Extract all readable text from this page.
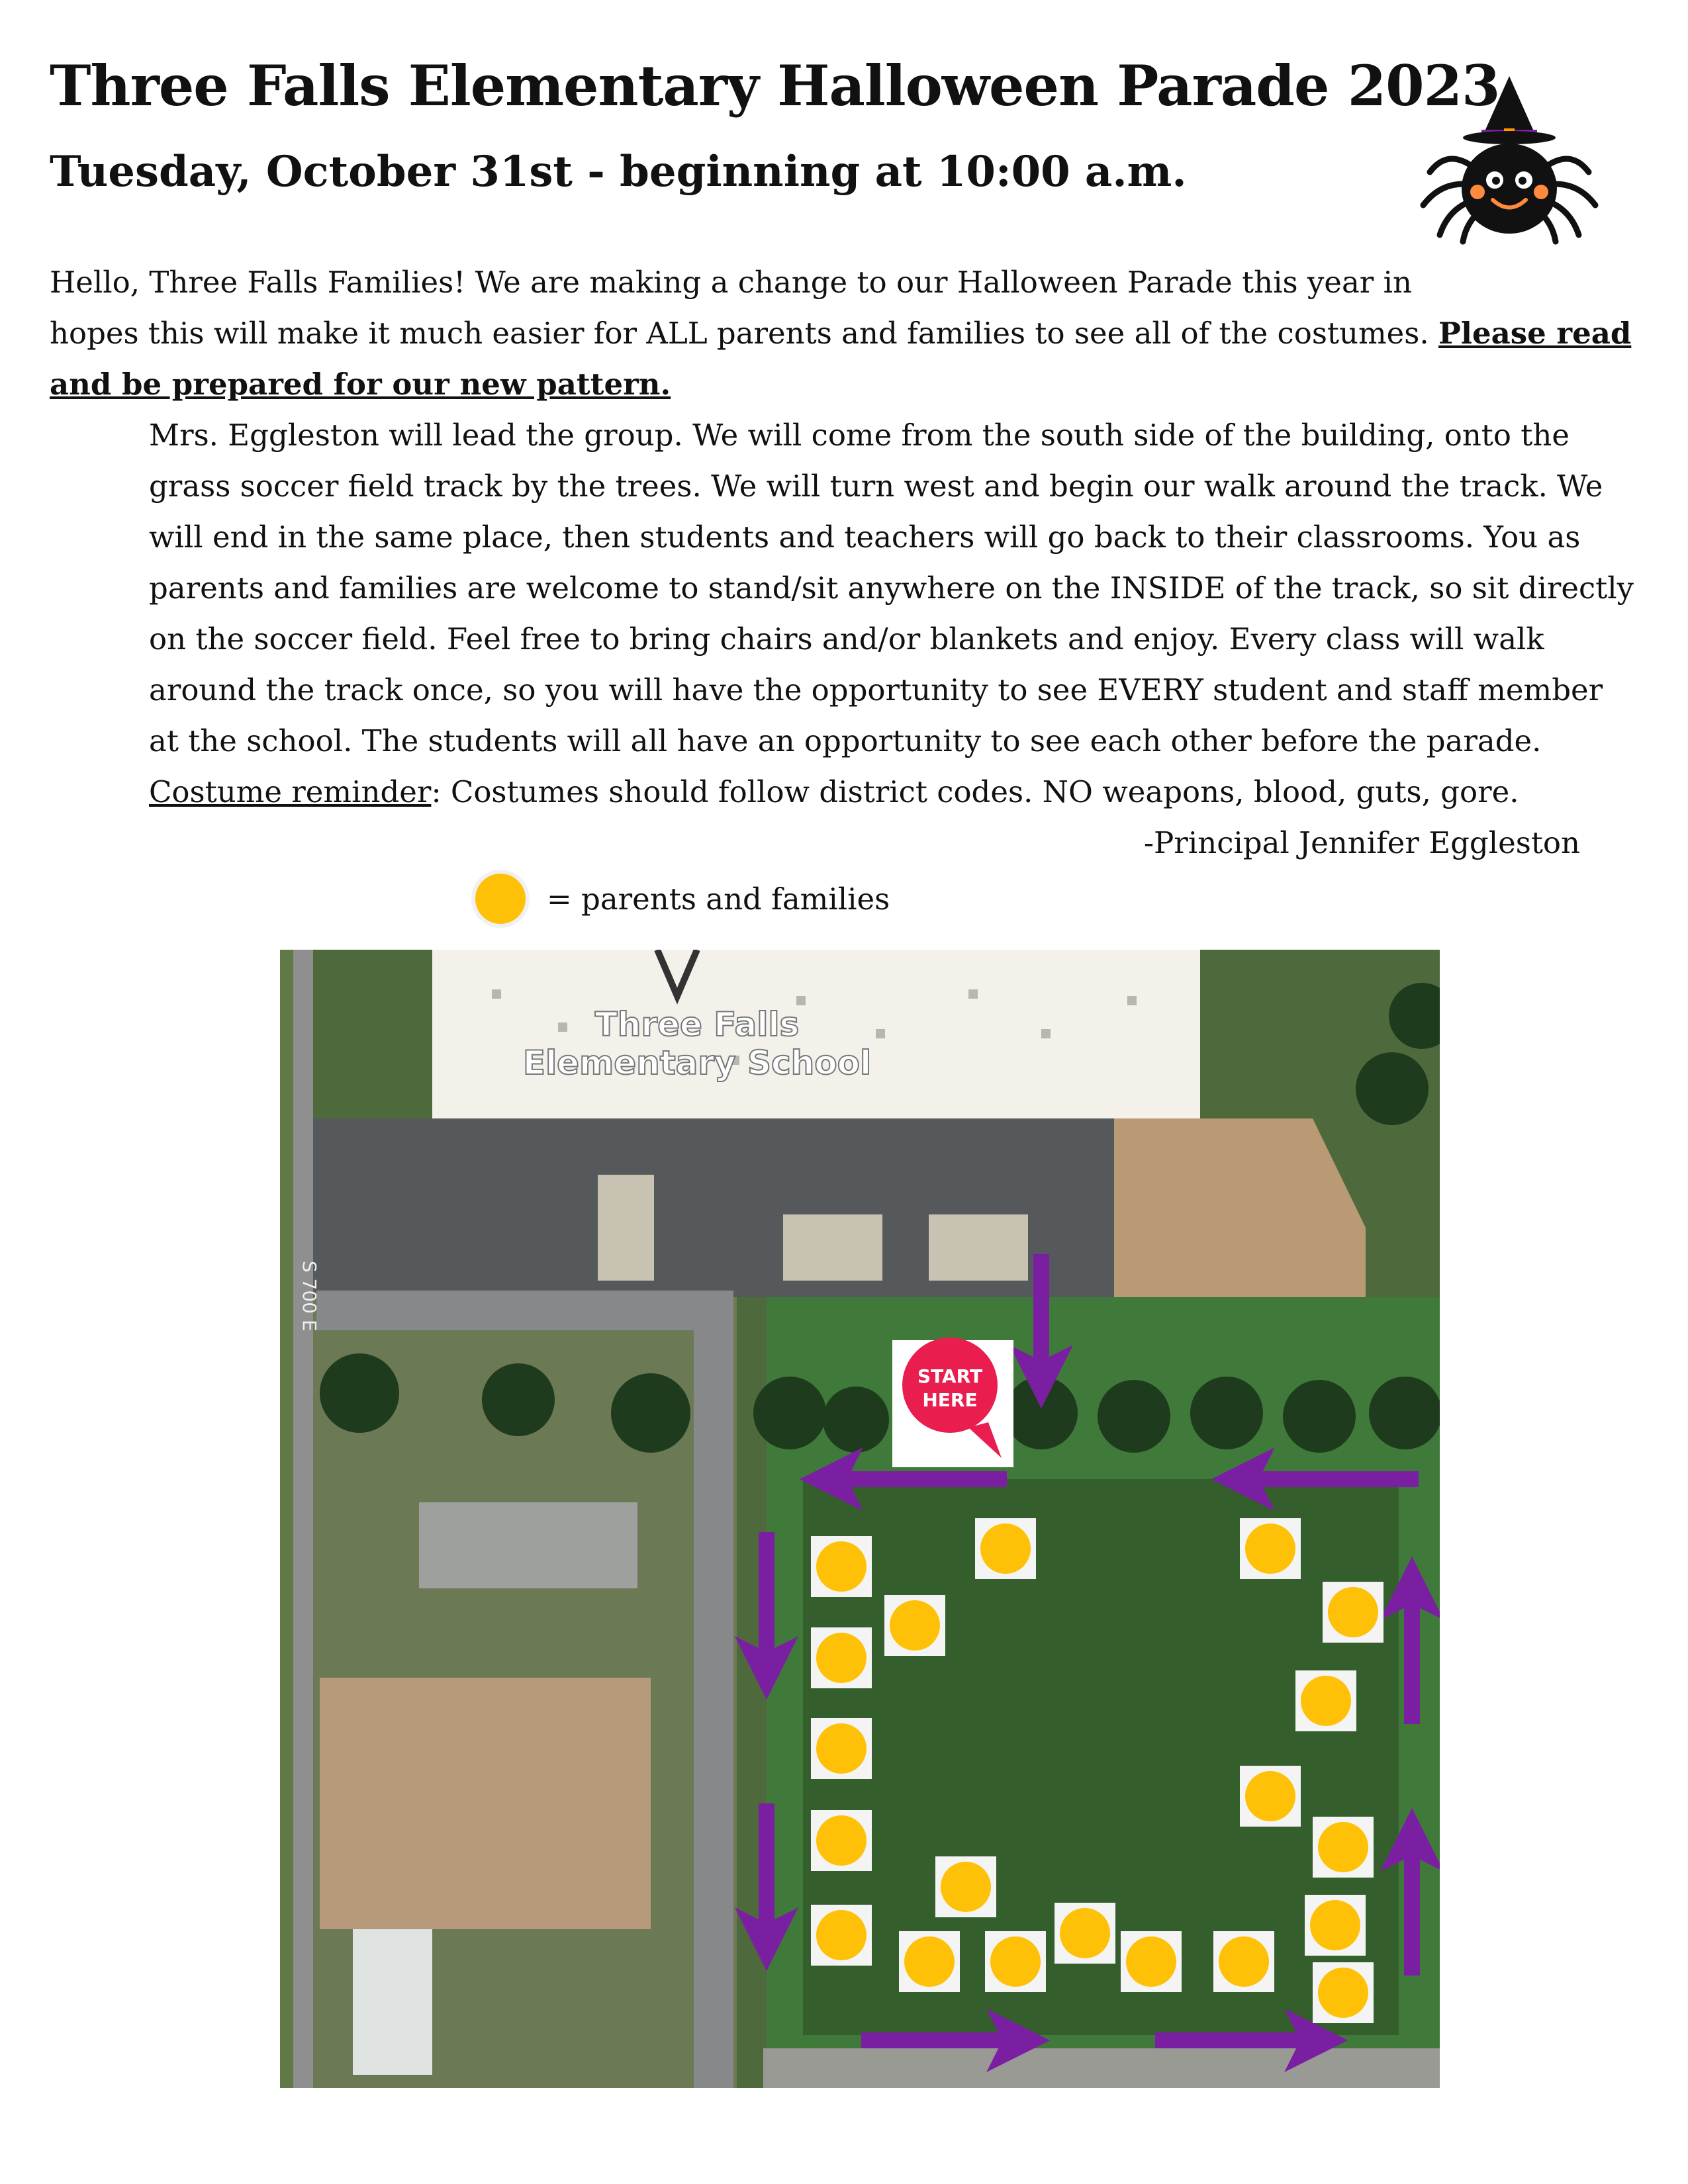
Three Falls Elementary Halloween Parade 2023
Tuesday, October 31st - beginning at 10:00 a.m.

Hello, Three Falls Families! We are making a change to our Halloween Parade this year in

hopes this will make it much easier for ALL parents and families to see all of the costumes. Please read and be prepared for our new pattern.

Mrs. Eggleston will lead the group. We will come from the south side of the building, onto the grass soccer field track by the trees. We will turn west and begin our walk around the track. We will end in the same place, then students and teachers will go back to their classrooms. You as parents and families are welcome to stand/sit anywhere on the INSIDE of the track, so sit directly on the soccer field. Feel free to bring chairs and/or blankets and enjoy. Every class will walk around the track once, so you will have the opportunity to see EVERY student and staff member at the school. The students will all have an opportunity to see each other before the parade.

Costume reminder: Costumes should follow district codes. NO weapons, blood, guts, gore.

-Principal Jennifer Eggleston

= parents and families
Three Falls
Elementary School
START
HERE
S 700 E
